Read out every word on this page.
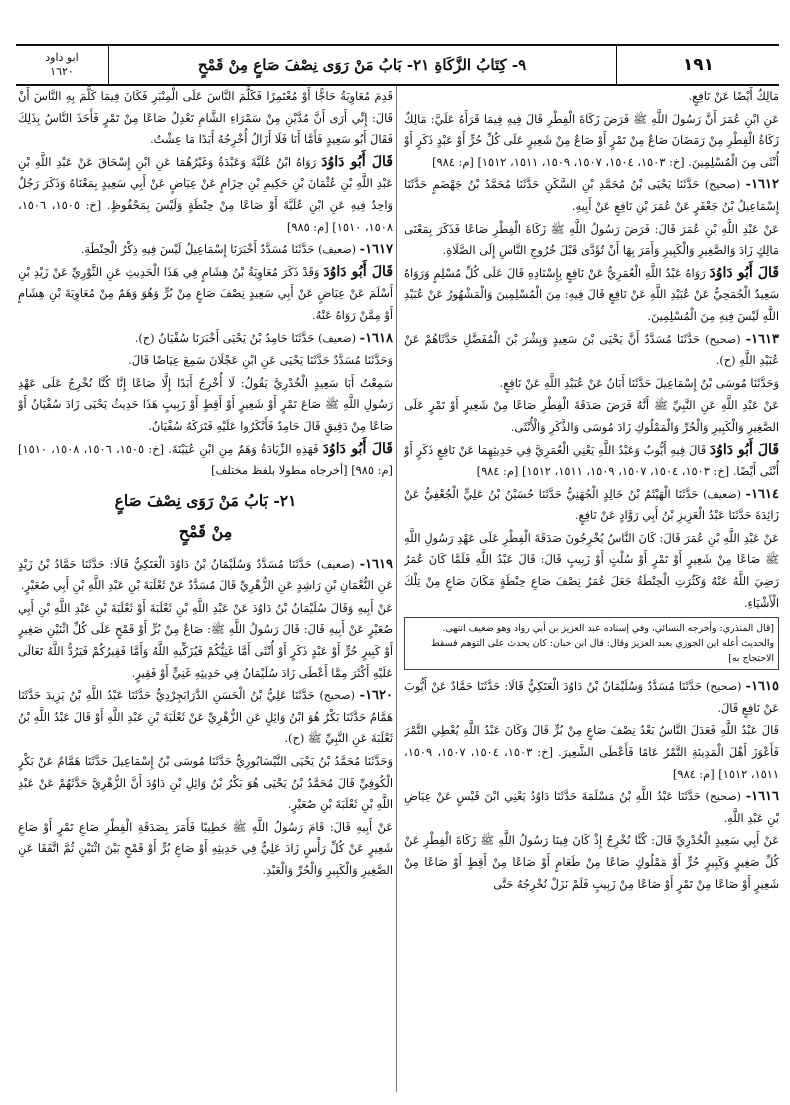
١٩١
٩- كِتَابُ الزَّكَاةِ ٢١- بَابُ مَنْ رَوَى نِصْفَ صَاعٍ مِنْ قَمْحٍ
ابو داود
١٦٢٠

مَالِكٌ أَيْضًا عَنْ نَافِعٍ.

عَنِ ابْنِ عُمَرَ أَنَّ رَسُولَ اللَّهِ ﷺ فَرَضَ زَكَاةَ الْفِطْرِ قَالَ فِيهِ فِيمَا قَرَأَهُ عَلَيَّ: مَالِكٌ زَكَاةُ الْفِطْرِ مِنْ رَمَضَانَ صَاعٌ مِنْ تَمْرٍ أَوْ صَاعٌ مِنْ شَعِيرٍ عَلَى كُلِّ حُرٍّ أَوْ عَبْدٍ ذَكَرٍ أَوْ أُنْثَى مِنَ الْمُسْلِمِينَ. [خ: ١٥٠٣، ١٥٠٤، ١٥٠٧، ١٥٠٩، ١٥١١، ١٥١٢] [م: ٩٨٤]

١٦١٢- (صحيح) حَدَّثَنَا يَحْيَى بْنُ مُحَمَّدِ بْنِ السَّكَنِ حَدَّثَنَا مُحَمَّدُ بْنُ جَهْضَمٍ حَدَّثَنَا إِسْمَاعِيلُ بْنُ جَعْفَرٍ عَنْ عُمَرَ بْنِ نَافِعٍ عَنْ أَبِيهِ.

عَنْ عَبْدِ اللَّهِ بْنِ عُمَرَ قَالَ: فَرَضَ رَسُولُ اللَّهِ ﷺ زَكَاةَ الْفِطْرِ صَاعًا فَذَكَرَ بِمَعْنَى مَالِكٍ زَادَ وَالصَّغِيرِ وَالْكَبِيرِ وَأَمَرَ بِهَا أَنْ تُؤَدَّى قَبْلَ خُرُوجِ النَّاسِ إِلَى الصَّلَاةِ.

قَالَ أَبُو دَاوُدَ رَوَاهُ عَبْدُ اللَّهِ الْعُمَرِيُّ عَنْ نَافِعٍ بِإِسْنَادِهِ قَالَ عَلَى كُلِّ مُسْلِمٍ وَرَوَاهُ سَعِيدٌ الْجُمَحِيُّ عَنْ عُبَيْدِ اللَّهِ عَنْ نَافِعٍ قَالَ فِيهِ: مِنَ الْمُسْلِمِينَ وَالْمَشْهُورُ عَنْ عُبَيْدِ اللَّهِ لَيْسَ فِيهِ مِنَ الْمُسْلِمِينَ.

١٦١٣- (صحيح) حَدَّثَنَا مُسَدَّدٌ أَنَّ يَحْيَى بْنَ سَعِيدٍ وَبِشْرَ بْنَ الْمُفَضَّلِ حَدَّثَاهُمْ عَنْ عُبَيْدِ اللَّهِ (ح).

وَحَدَّثَنَا مُوسَى بْنُ إِسْمَاعِيلَ حَدَّثَنَا أَبَانُ عَنْ عُبَيْدِ اللَّهِ عَنْ نَافِعٍ.

عَنْ عَبْدِ اللَّهِ عَنِ النَّبِيِّ ﷺ أَنَّهُ فَرَضَ صَدَقَةَ الْفِطْرِ صَاعًا مِنْ شَعِيرٍ أَوْ تَمْرٍ عَلَى الصَّغِيرِ وَالْكَبِيرِ وَالْحُرِّ وَالْمَمْلُوكِ زَادَ مُوسَى وَالذَّكَرِ وَالْأُنْثَى.

قَالَ أَبُو دَاوُدَ قَالَ فِيهِ أَيُّوبُ وَعَبْدُ اللَّهِ يَعْنِي الْعُمَرِيَّ فِي حَدِيثِهِمَا عَنْ نَافِعٍ ذَكَرٍ أَوْ أُنْثَى أَيْضًا. [خ: ١٥٠٣، ١٥٠٤، ١٥٠٧، ١٥٠٩، ١٥١١، ١٥١٢] [م: ٩٨٤]

١٦١٤- (ضعيف) حَدَّثَنَا الْهَيْثَمُ بْنُ خَالِدٍ الْجُهَنِيُّ حَدَّثَنَا حُسَيْنُ بْنُ عَلِيٍّ الْجُعْفِيُّ عَنْ زَائِدَةَ حَدَّثَنَا عَبْدُ الْعَزِيزِ بْنُ أَبِي رَوَّادٍ عَنْ نَافِعٍ.

عَنْ عَبْدِ اللَّهِ بْنِ عُمَرَ قَالَ: كَانَ النَّاسُ يُخْرِجُونَ صَدَقَةَ الْفِطْرِ عَلَى عَهْدِ رَسُولِ اللَّهِ ﷺ صَاعًا مِنْ شَعِيرٍ أَوْ تَمْرٍ أَوْ سُلْتٍ أَوْ زَبِيبٍ قَالَ: قَالَ عَبْدُ اللَّهِ فَلَمَّا كَانَ عُمَرُ رَضِيَ اللَّهُ عَنْهُ وَكَثُرَتِ الْحِنْطَةُ جَعَلَ عُمَرُ نِصْفَ صَاعِ حِنْطَةٍ مَكَانَ صَاعٍ مِنْ تِلْكَ الْأَشْيَاءِ.

[قال المنذري: وأخرجه النسائي، وفي إسناده عبد العزيز بن أبي رواد وهو ضعيف انتهى. والحديث أعله ابن الجوزي بعبد العزيز وقال: قال ابن حبان: كان يحدث على التوهم فسقط الاحتجاج به]

١٦١٥- (صحيح) حَدَّثَنَا مُسَدَّدٌ وَسُلَيْمَانُ بْنُ دَاوُدَ الْعَتَكِيُّ قَالَا: حَدَّثَنَا حَمَّادٌ عَنْ أَيُّوبَ عَنْ نَافِعٍ قَالَ.

قَالَ عَبْدُ اللَّهِ فَعَدَلَ النَّاسُ بَعْدُ نِصْفَ صَاعٍ مِنْ بُرٍّ قَالَ وَكَانَ عَبْدُ اللَّهِ يُعْطِي التَّمْرَ فَأَعْوَزَ أَهْلَ الْمَدِينَةِ التَّمْرُ عَامًا فَأَعْطَى الشَّعِيرَ. [خ: ١٥٠٣، ١٥٠٤، ١٥٠٧، ١٥٠٩، ١٥١١، ١٥١٢] [م: ٩٨٤]

١٦١٦- (صحيح) حَدَّثَنَا عَبْدُ اللَّهِ بْنُ مَسْلَمَةَ حَدَّثَنَا دَاوُدُ يَعْنِي ابْنَ قَيْسٍ عَنْ عِيَاضِ بْنِ عَبْدِ اللَّهِ.

عَنْ أَبِي سَعِيدٍ الْخُدْرِيِّ قَالَ: كُنَّا نُخْرِجُ إِذْ كَانَ فِينَا رَسُولُ اللَّهِ ﷺ زَكَاةَ الْفِطْرِ عَنْ كُلِّ صَغِيرٍ وَكَبِيرٍ حُرٍّ أَوْ مَمْلُوكٍ صَاعًا مِنْ طَعَامٍ أَوْ صَاعًا مِنْ أَقِطٍ أَوْ صَاعًا مِنْ شَعِيرٍ أَوْ صَاعًا مِنْ تَمْرٍ أَوْ صَاعًا مِنْ زَبِيبٍ فَلَمْ نَزَلْ نُخْرِجُهُ حَتَّى

قَدِمَ مُعَاوِيَةُ حَاجًّا أَوْ مُعْتَمِرًا فَكَلَّمَ النَّاسَ عَلَى الْمِنْبَرِ فَكَانَ فِيمَا كَلَّمَ بِهِ النَّاسَ أَنْ قَالَ: إِنِّي أَرَى أَنَّ مُدَّيْنِ مِنْ سَمْرَاءِ الشَّامِ تَعْدِلُ صَاعًا مِنْ تَمْرٍ فَأَخَذَ النَّاسُ بِذَلِكَ فَقَالَ أَبُو سَعِيدٍ فَأَمَّا أَنَا فَلَا أَزَالُ أُخْرِجُهُ أَبَدًا مَا عِشْتُ.

قَالَ أَبُو دَاوُدَ رَوَاهُ ابْنُ عُلَيَّةَ وَعَبْدَةُ وَغَيْرُهُمَا عَنِ ابْنِ إِسْحَاقَ عَنْ عَبْدِ اللَّهِ بْنِ عَبْدِ اللَّهِ بْنِ عُثْمَانَ بْنِ حَكِيمِ بْنِ حِزَامٍ عَنْ عِيَاضٍ عَنْ أَبِي سَعِيدٍ بِمَعْنَاهُ وَذَكَرَ رَجُلٌ وَاحِدٌ فِيهِ عَنِ ابْنِ عُلَيَّةَ أَوْ صَاعًا مِنْ حِنْطَةٍ وَلَيْسَ بِمَحْفُوظٍ. [خ: ١٥٠٥، ١٥٠٦، ١٥٠٨، ١٥١٠] [م: ٩٨٥]

١٦١٧- (ضعيف) حَدَّثَنَا مُسَدَّدٌ أَخْبَرَنَا إِسْمَاعِيلُ لَيْسَ فِيهِ ذِكْرُ الْحِنْطَةِ.

قَالَ أَبُو دَاوُدَ وَقَدْ ذَكَرَ مُعَاوِيَةُ بْنُ هِشَامٍ فِي هَذَا الْحَدِيثِ عَنِ الثَّوْرِيِّ عَنْ زَيْدِ بْنِ أَسْلَمَ عَنْ عِيَاضٍ عَنْ أَبِي سَعِيدٍ نِصْفَ صَاعٍ مِنْ بُرٍّ وَهُوَ وَهَمٌ مِنْ مُعَاوِيَةَ بْنِ هِشَامٍ أَوْ مِمَّنْ رَوَاهُ عَنْهُ.

١٦١٨- (ضعيف) حَدَّثَنَا حَامِدُ بْنُ يَحْيَى أَخْبَرَنَا سُفْيَانُ (ح).

وَحَدَّثَنَا مُسَدَّدٌ حَدَّثَنَا يَحْيَى عَنِ ابْنِ عَجْلَانَ سَمِعَ عِيَاضًا قَالَ.

سَمِعْتُ أَبَا سَعِيدٍ الْخُدْرِيَّ يَقُولُ: لَا أُخْرِجُ أَبَدًا إِلَّا صَاعًا إِنَّا كُنَّا نُخْرِجُ عَلَى عَهْدِ رَسُولِ اللَّهِ ﷺ صَاعَ تَمْرٍ أَوْ شَعِيرٍ أَوْ أَقِطٍ أَوْ زَبِيبٍ هَذَا حَدِيثُ يَحْيَى زَادَ سُفْيَانُ أَوْ صَاعًا مِنْ دَقِيقٍ قَالَ حَامِدٌ فَأَنْكَرُوا عَلَيْهِ فَتَرَكَهُ سُفْيَانُ.

قَالَ أَبُو دَاوُدَ فَهَذِهِ الزِّيَادَةُ وَهَمٌ مِنِ ابْنِ عُيَيْنَةَ. [خ: ١٥٠٥، ١٥٠٦، ١٥٠٨، ١٥١٠] [م: ٩٨٥] [أخرجاه مطولا بلفظ مختلف]

٢١- بَابُ مَنْ رَوَى نِصْفَ صَاعٍ
مِنْ قَمْحٍ

١٦١٩- (ضعيف) حَدَّثَنَا مُسَدَّدٌ وَسُلَيْمَانُ بْنُ دَاوُدَ الْعَتَكِيُّ قَالَا: حَدَّثَنَا حَمَّادُ بْنُ زَيْدٍ عَنِ النُّعْمَانِ بْنِ رَاشِدٍ عَنِ الزُّهْرِيِّ قَالَ مُسَدَّدٌ عَنْ ثَعْلَبَةَ بْنِ عَبْدِ اللَّهِ بْنِ أَبِي صُعَيْرٍ.

عَنْ أَبِيهِ وَقَالَ سُلَيْمَانُ بْنُ دَاوُدَ عَنْ عَبْدِ اللَّهِ بْنِ ثَعْلَبَةَ أَوْ ثَعْلَبَةَ بْنِ عَبْدِ اللَّهِ بْنِ أَبِي صُعَيْرٍ عَنْ أَبِيهِ قَالَ: قَالَ رَسُولُ اللَّهِ ﷺ: صَاعٌ مِنْ بُرٍّ أَوْ قَمْحٍ عَلَى كُلِّ اثْنَيْنِ صَغِيرٍ أَوْ كَبِيرٍ حُرٍّ أَوْ عَبْدٍ ذَكَرٍ أَوْ أُنْثَى أَمَّا غَنِيُّكُمْ فَيُزَكِّيهِ اللَّهُ وَأَمَّا فَقِيرُكُمْ فَيَرُدُّ اللَّهُ تَعَالَى عَلَيْهِ أَكْثَرَ مِمَّا أَعْطَى زَادَ سُلَيْمَانُ فِي حَدِيثِهِ غَنِيٍّ أَوْ فَقِيرٍ.

١٦٢٠- (صحيح) حَدَّثَنَا عَلِيُّ بْنُ الْحَسَنِ الدَّرَابَجِرْدِيُّ حَدَّثَنَا عَبْدُ اللَّهِ بْنُ يَزِيدَ حَدَّثَنَا هَمَّامٌ حَدَّثَنَا بَكْرٌ هُوَ ابْنُ وَائِلٍ عَنِ الزُّهْرِيِّ عَنْ ثَعْلَبَةَ بْنِ عَبْدِ اللَّهِ أَوْ قَالَ عَبْدُ اللَّهِ بْنُ ثَعْلَبَةَ عَنِ النَّبِيِّ ﷺ (ح).

وَحَدَّثَنَا مُحَمَّدُ بْنُ يَحْيَى النَّيْسَابُورِيُّ حَدَّثَنَا مُوسَى بْنُ إِسْمَاعِيلَ حَدَّثَنَا هَمَّامٌ عَنْ بَكْرٍ الْكُوفِيِّ قَالَ مُحَمَّدُ بْنُ يَحْيَى هُوَ بَكْرُ بْنُ وَائِلِ بْنِ دَاوُدَ أَنَّ الزُّهْرِيَّ حَدَّثَهُمْ عَنْ عَبْدِ اللَّهِ بْنِ ثَعْلَبَةَ بْنِ صُعَيْرٍ.

عَنْ أَبِيهِ قَالَ: قَامَ رَسُولُ اللَّهِ ﷺ خَطِيبًا فَأَمَرَ بِصَدَقَةِ الْفِطْرِ صَاعِ تَمْرٍ أَوْ صَاعِ شَعِيرٍ عَنْ كُلِّ رَأْسٍ زَادَ عَلِيٌّ فِي حَدِيثِهِ أَوْ صَاعِ بُرٍّ أَوْ قَمْحٍ بَيْنَ اثْنَيْنِ ثُمَّ اتَّفَقَا عَنِ الصَّغِيرِ وَالْكَبِيرِ وَالْحُرِّ وَالْعَبْدِ.
